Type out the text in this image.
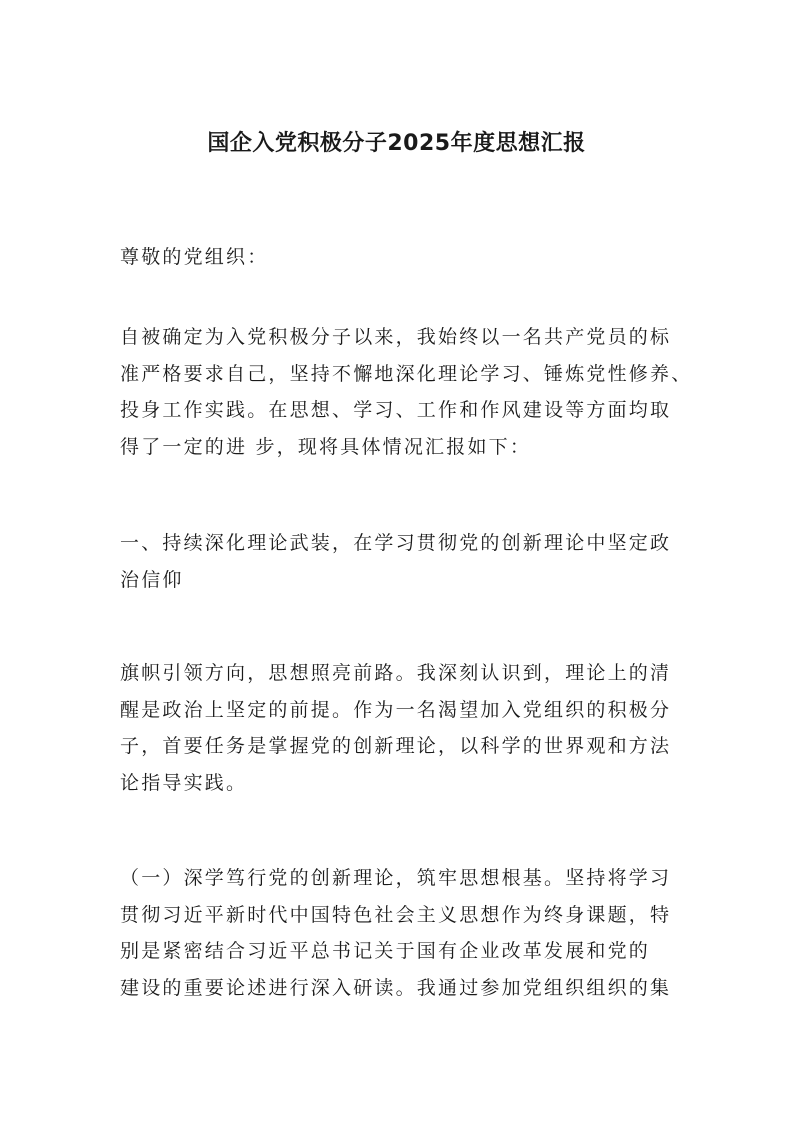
国企入党积极分子2025年度思想汇报

尊敬的党组织：

自被确定为入党积极分子以来，我始终以一名共产党员的标
准严格要求自己，坚持不懈地深化理论学习、锤炼党性修养、
投身工作实践。在思想、学习、工作和作风建设等方面均取
得了一定的进 步，现将具体情况汇报如下：

一、持续深化理论武装，在学习贯彻党的创新理论中坚定政
治信仰

旗帜引领方向，思想照亮前路。我深刻认识到，理论上的清
醒是政治上坚定的前提。作为一名渴望加入党组织的积极分
子，首要任务是掌握党的创新理论，以科学的世界观和方法
论指导实践。

（一）深学笃行党的创新理论，筑牢思想根基。坚持将学习
贯彻习近平新时代中国特色社会主义思想作为终身课题，特
别是紧密结合习近平总书记关于国有企业改革发展和党的
建设的重要论述进行深入研读。我通过参加党组织组织的集
